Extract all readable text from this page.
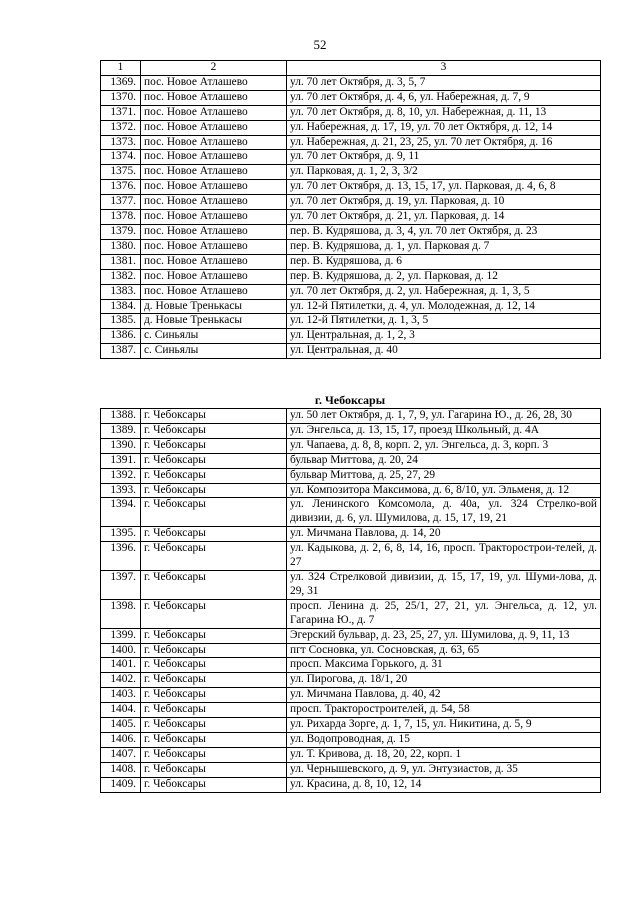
52
1	2	3
1369.	пос. Новое Атлашево	ул. 70 лет Октября, д. 3, 5, 7
1370.	пос. Новое Атлашево	ул. 70 лет Октября, д. 4, 6, ул. Набережная, д. 7, 9
1371.	пос. Новое Атлашево	ул. 70 лет Октября, д. 8, 10, ул. Набережная, д. 11, 13
1372.	пос. Новое Атлашево	ул. Набережная, д. 17, 19, ул. 70 лет Октября, д. 12, 14
1373.	пос. Новое Атлашево	ул. Набережная, д. 21, 23, 25, ул. 70 лет Октября, д. 16
1374.	пос. Новое Атлашево	ул. 70 лет Октября, д. 9, 11
1375.	пос. Новое Атлашево	ул. Парковая, д. 1, 2, 3, 3/2
1376.	пос. Новое Атлашево	ул. 70 лет Октября, д. 13, 15, 17, ул. Парковая, д. 4, 6, 8
1377.	пос. Новое Атлашево	ул. 70 лет Октября, д. 19, ул. Парковая, д. 10
1378.	пос. Новое Атлашево	ул. 70 лет Октября, д. 21, ул. Парковая, д. 14
1379.	пос. Новое Атлашево	пер. В. Кудряшова, д. 3, 4, ул. 70 лет Октября, д. 23
1380.	пос. Новое Атлашево	пер. В. Кудряшова, д. 1, ул. Парковая д. 7
1381.	пос. Новое Атлашево	пер. В. Кудряшова, д. 6
1382.	пос. Новое Атлашево	пер. В. Кудряшова, д. 2, ул. Парковая, д. 12
1383.	пос. Новое Атлашево	ул. 70 лет Октября, д. 2, ул. Набережная, д. 1, 3, 5
1384.	д. Новые Тренькасы	ул. 12-й Пятилетки, д. 4, ул. Молодежная, д. 12, 14
1385.	д. Новые Тренькасы	ул. 12-й Пятилетки, д. 1, 3, 5
1386.	с. Синьялы	ул. Центральная, д. 1, 2, 3
1387.	с. Синьялы	ул. Центральная, д. 40
г. Чебоксары
1388.	г. Чебоксары	ул. 50 лет Октября, д. 1, 7, 9, ул. Гагарина Ю., д. 26, 28, 30
1389.	г. Чебоксары	ул. Энгельса, д. 13, 15, 17, проезд Школьный, д. 4А
1390.	г. Чебоксары	ул. Чапаева, д. 8, 8, корп. 2, ул. Энгельса, д. 3, корп. 3
1391.	г. Чебоксары	бульвар Миттова, д. 20, 24
1392.	г. Чебоксары	бульвар Миттова, д. 25, 27, 29
1393.	г. Чебоксары	ул. Композитора Максимова, д. 6, 8/10, ул. Эльменя, д. 12
1394.	г. Чебоксары	ул. Ленинского Комсомола, д. 40а, ул. 324 Стрелко-вой дивизии, д. 6, ул. Шумилова, д. 15, 17, 19, 21
1395.	г. Чебоксары	ул. Мичмана Павлова, д. 14, 20
1396.	г. Чебоксары	ул. Кадыкова, д. 2, 6, 8, 14, 16, просп. Тракторострои-телей, д. 27
1397.	г. Чебоксары	ул. 324 Стрелковой дивизии, д. 15, 17, 19, ул. Шуми-лова, д. 29, 31
1398.	г. Чебоксары	просп. Ленина д. 25, 25/1, 27, 21, ул. Энгельса, д. 12, ул. Гагарина Ю., д. 7
1399.	г. Чебоксары	Эгерский бульвар, д. 23, 25, 27, ул. Шумилова, д. 9, 11, 13
1400.	г. Чебоксары	пгт Сосновка, ул. Сосновская, д. 63, 65
1401.	г. Чебоксары	просп. Максима Горького, д. 31
1402.	г. Чебоксары	ул. Пирогова, д. 18/1, 20
1403.	г. Чебоксары	ул. Мичмана Павлова, д. 40, 42
1404.	г. Чебоксары	просп. Тракторостроителей, д. 54, 58
1405.	г. Чебоксары	ул. Рихарда Зорге, д. 1, 7, 15, ул. Никитина, д. 5, 9
1406.	г. Чебоксары	ул. Водопроводная, д. 15
1407.	г. Чебоксары	ул. Т. Кривова, д. 18, 20, 22, корп. 1
1408.	г. Чебоксары	ул. Чернышевского, д. 9, ул. Энтузиастов, д. 35
1409.	г. Чебоксары	ул. Красина, д. 8, 10, 12, 14
